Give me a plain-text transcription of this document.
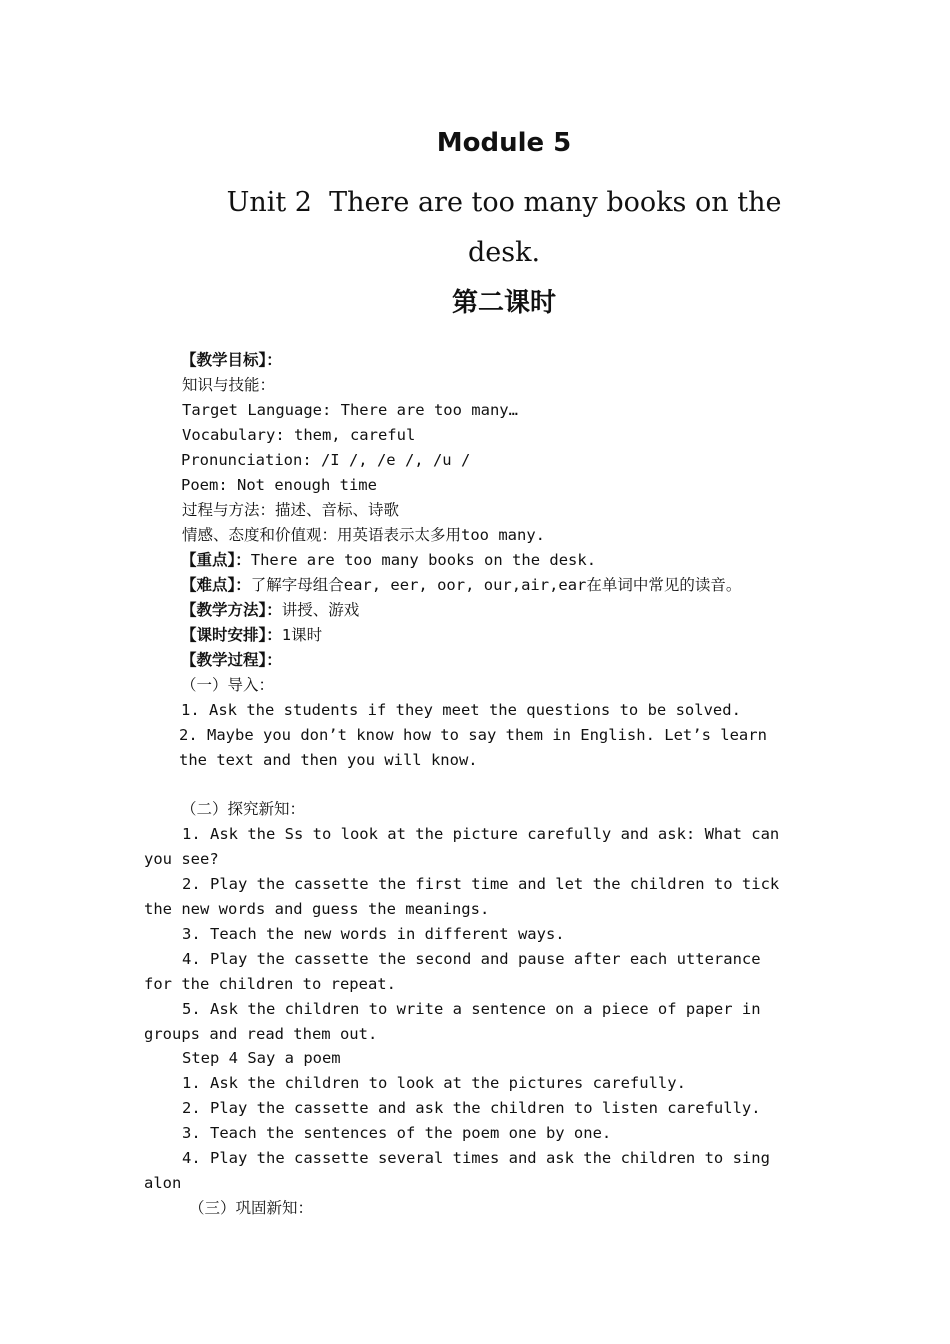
Module 5
Unit 2  There are too many books on the
desk.
第二课时
【教学目标】：
知识与技能：
Target Language: There are too many…
Vocabulary: them, careful
Pronunciation: /I /, /e /, /u /
Poem: Not enough time
过程与方法：描述、音标、诗歌
情感、态度和价值观：用英语表示太多用too many.
【重点】：There are too many books on the desk.
【难点】：了解字母组合ear, eer, oor, our,air,ear在单词中常见的读音。
【教学方法】：讲授、游戏
【课时安排】：1课时
【教学过程】：
（一）导入：
1. Ask the students if they meet the questions to be solved.
2. Maybe you don’t know how to say them in English. Let’s learn
the text and then you will know.
（二）探究新知：
1. Ask the Ss to look at the picture carefully and ask: What can
you see?
2. Play the cassette the first time and let the children to tick
the new words and guess the meanings.
3. Teach the new words in different ways.
4. Play the cassette the second and pause after each utterance
for the children to repeat.
5. Ask the children to write a sentence on a piece of paper in
groups and read them out.
Step 4 Say a poem
1. Ask the children to look at the pictures carefully.
2. Play the cassette and ask the children to listen carefully.
3. Teach the sentences of the poem one by one.
4. Play the cassette several times and ask the children to sing
alon
（三）巩固新知：
